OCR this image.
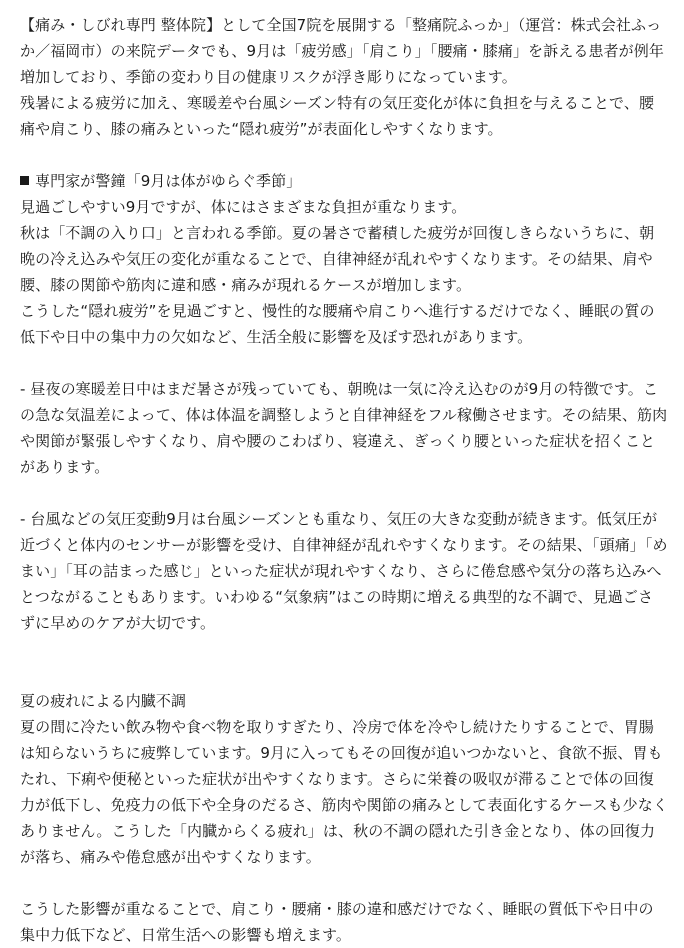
【痛み・しびれ専門 整体院】として全国7院を展開する「整痛院ふっか」（運営：株式会社ふっか／福岡市）の来院データでも、9月は「疲労感」「肩こり」「腰痛・膝痛」を訴える患者が例年増加しており、季節の変わり目の健康リスクが浮き彫りになっています。

残暑による疲労に加え、寒暖差や台風シーズン特有の気圧変化が体に負担を与えることで、腰痛や肩こり、膝の痛みといった“隠れ疲労”が表面化しやすくなります。

専門家が警鐘「9月は体がゆらぐ季節」

見過ごしやすい9月ですが、体にはさまざまな負担が重なります。

秋は「不調の入り口」と言われる季節。夏の暑さで蓄積した疲労が回復しきらないうちに、朝晩の冷え込みや気圧の変化が重なることで、自律神経が乱れやすくなります。その結果、肩や腰、膝の関節や筋肉に違和感・痛みが現れるケースが増加します。

こうした“隠れ疲労”を見過ごすと、慢性的な腰痛や肩こりへ進行するだけでなく、睡眠の質の低下や日中の集中力の欠如など、生活全般に影響を及ぼす恐れがあります。

- 昼夜の寒暖差日中はまだ暑さが残っていても、朝晩は一気に冷え込むのが9月の特徴です。この急な気温差によって、体は体温を調整しようと自律神経をフル稼働させます。その結果、筋肉や関節が緊張しやすくなり、肩や腰のこわばり、寝違え、ぎっくり腰といった症状を招くことがあります。

- 台風などの気圧変動9月は台風シーズンとも重なり、気圧の大きな変動が続きます。低気圧が近づくと体内のセンサーが影響を受け、自律神経が乱れやすくなります。その結果、「頭痛」「めまい」「耳の詰まった感じ」といった症状が現れやすくなり、さらに倦怠感や気分の落ち込みへとつながることもあります。いわゆる“気象病”はこの時期に増える典型的な不調で、見過ごさずに早めのケアが大切です。

夏の疲れによる内臓不調

夏の間に冷たい飲み物や食べ物を取りすぎたり、冷房で体を冷やし続けたりすることで、胃腸は知らないうちに疲弊しています。9月に入ってもその回復が追いつかないと、食欲不振、胃もたれ、下痢や便秘といった症状が出やすくなります。さらに栄養の吸収が滞ることで体の回復力が低下し、免疫力の低下や全身のだるさ、筋肉や関節の痛みとして表面化するケースも少なくありません。こうした「内臓からくる疲れ」は、秋の不調の隠れた引き金となり、体の回復力が落ち、痛みや倦怠感が出やすくなります。

こうした影響が重なることで、肩こり・腰痛・膝の違和感だけでなく、睡眠の質低下や日中の集中力低下など、日常生活への影響も増えます。
